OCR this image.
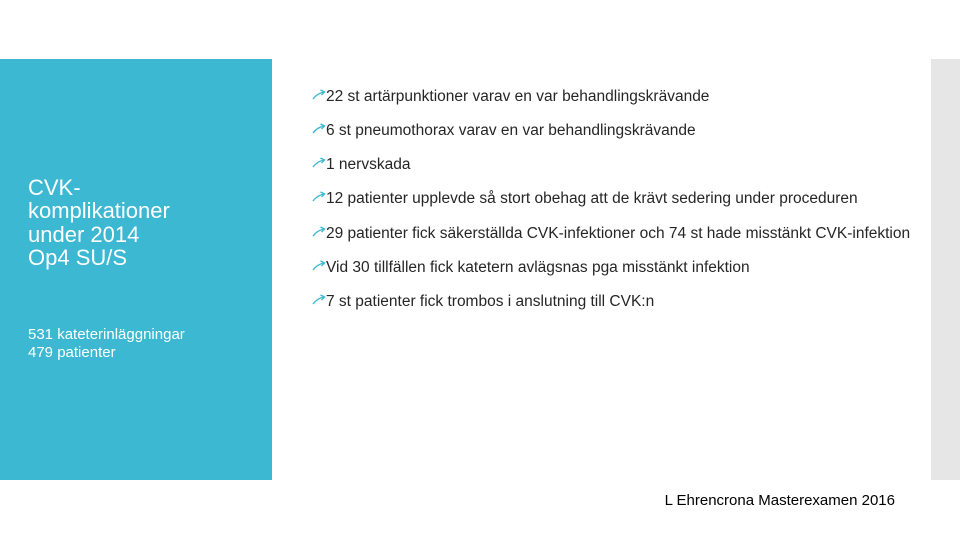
CVK-
komplikationer
under 2014
Op4 SU/S
531 kateterinläggningar
479 patienter
22 st artärpunktioner varav en var behandlingskrävande
6 st pneumothorax varav en var behandlingskrävande
1 nervskada
12 patienter upplevde så stort obehag att de krävt sedering under proceduren
29 patienter fick säkerställda CVK-infektioner och 74 st hade misstänkt CVK-infektion
Vid 30 tillfällen fick katetern avlägsnas pga misstänkt infektion
7 st patienter fick trombos i anslutning till CVK:n
L Ehrencrona Masterexamen 2016
